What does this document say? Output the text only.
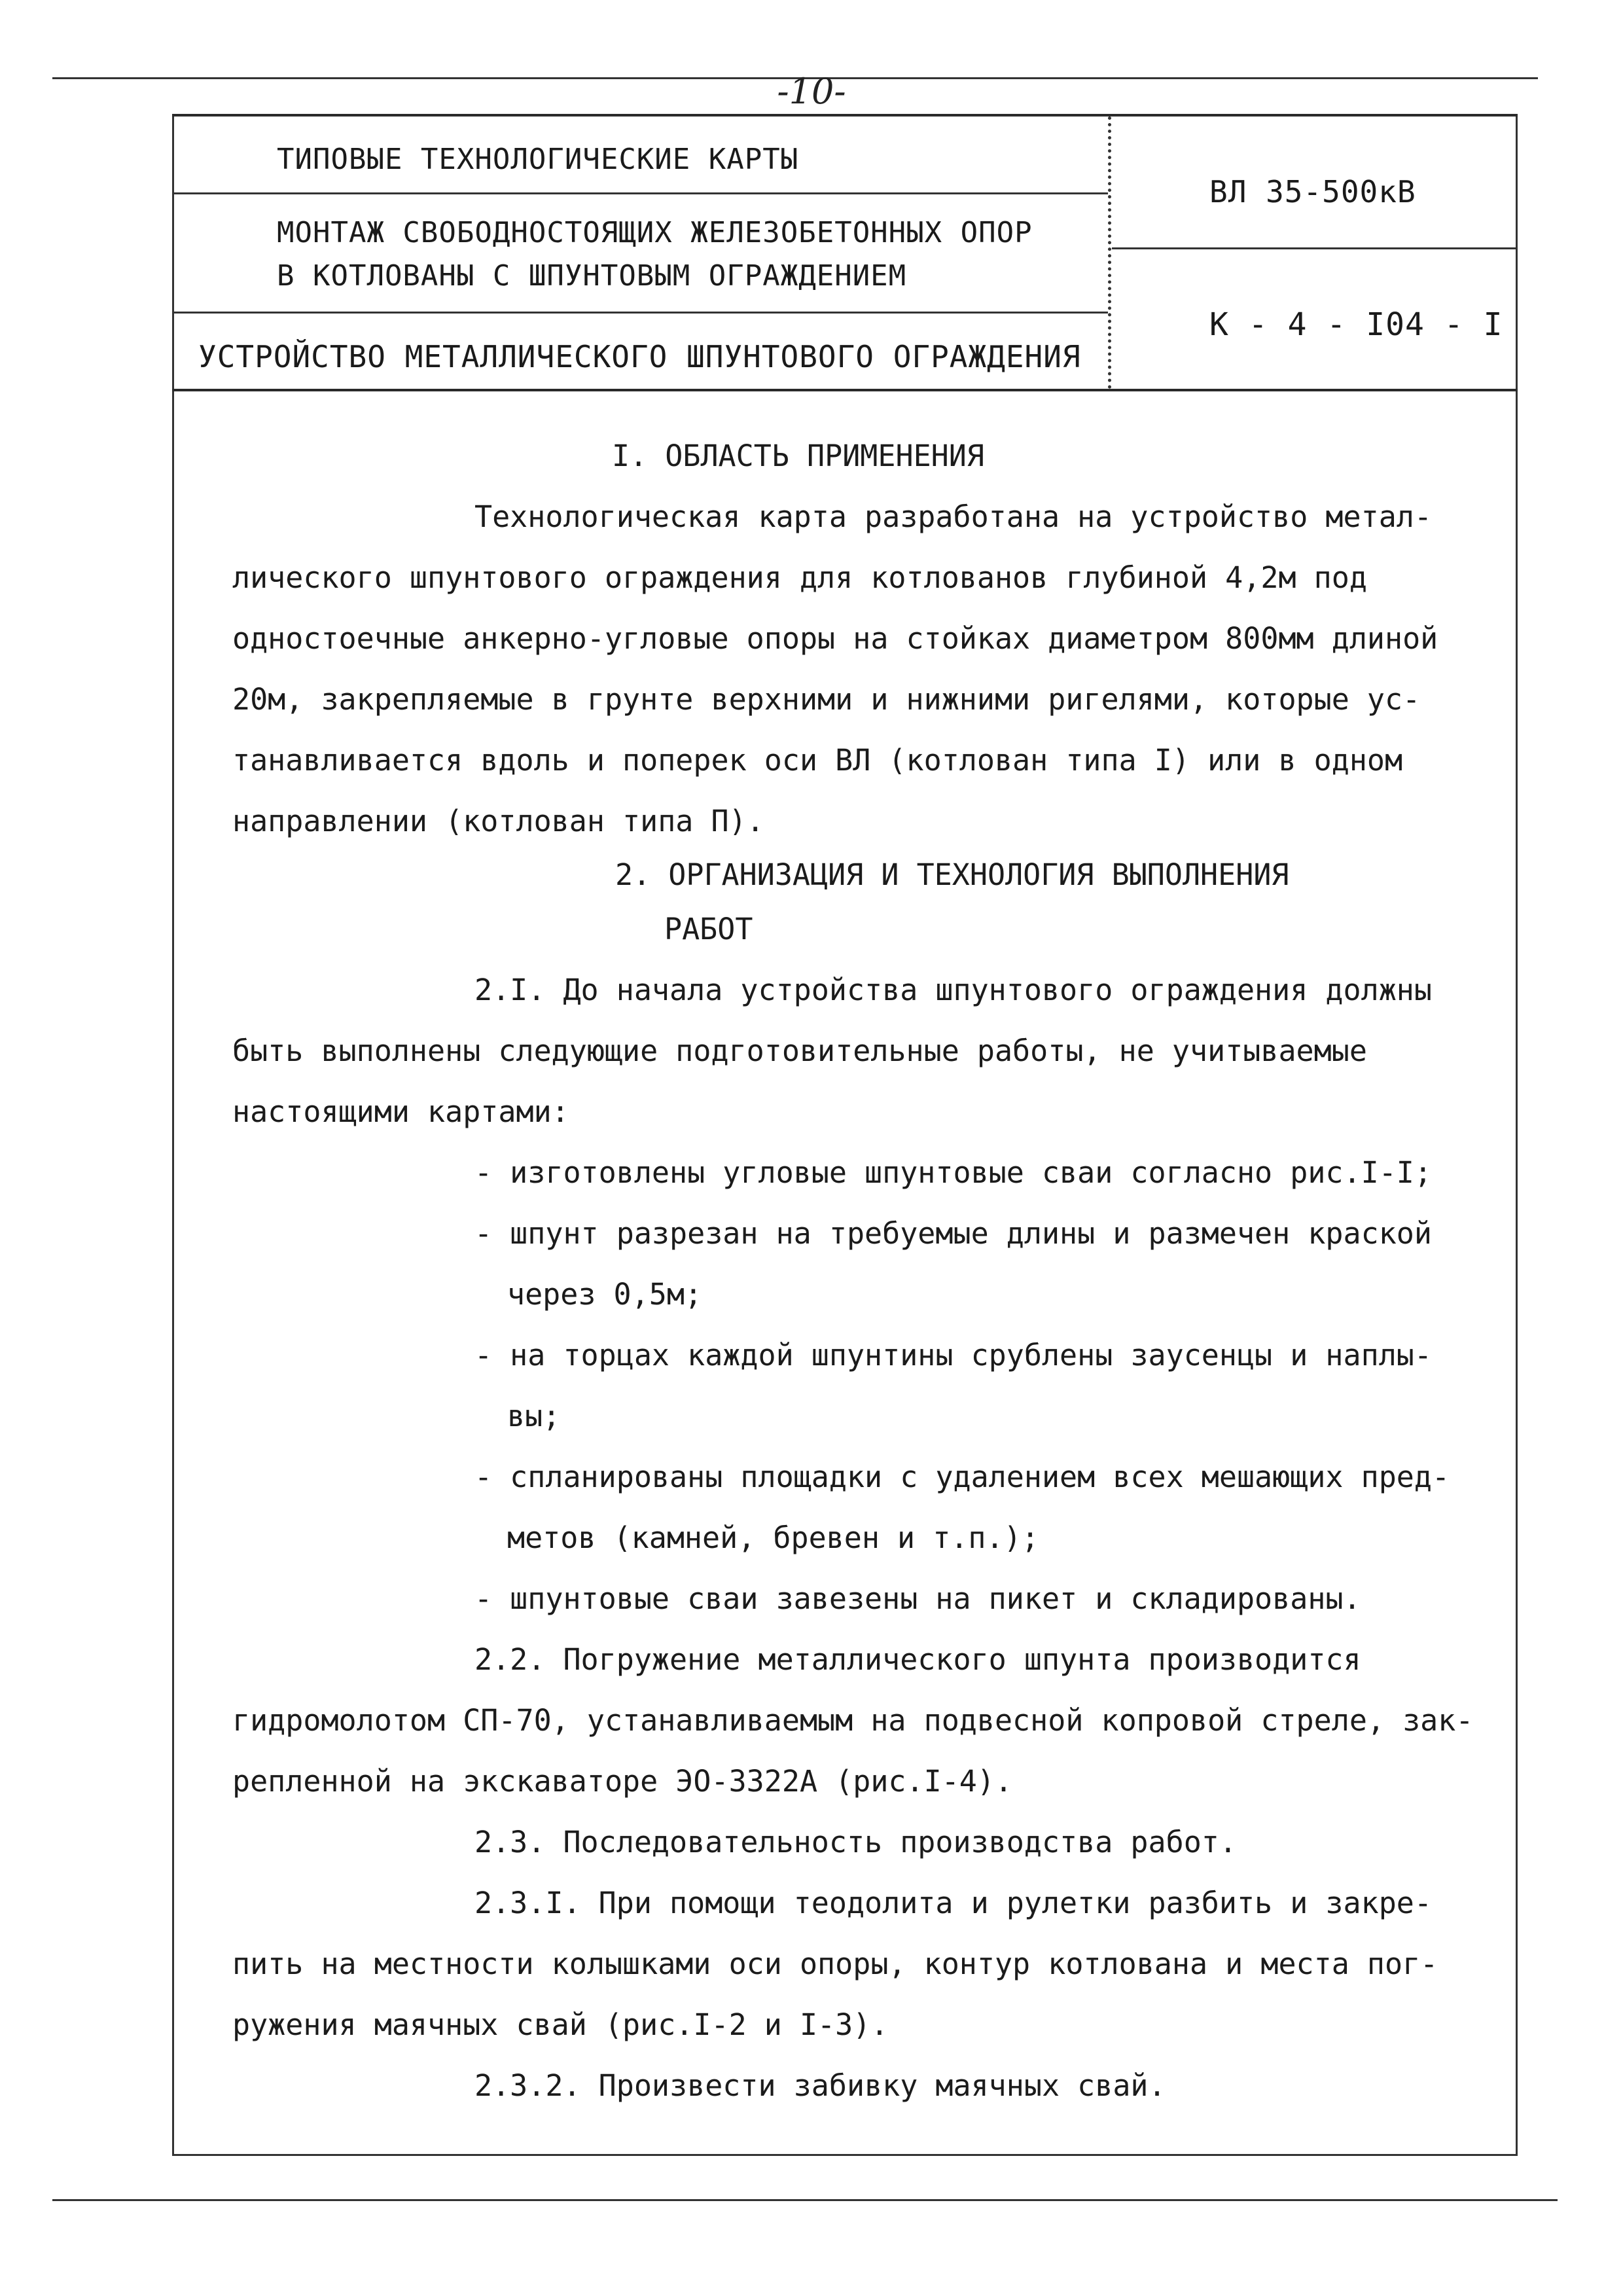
-10-
ТИПОВЫЕ ТЕХНОЛОГИЧЕСКИЕ КАРТЫ
МОНТАЖ СВОБОДНОСТОЯЩИХ ЖЕЛЕЗОБЕТОННЫХ ОПОР
В КОТЛОВАНЫ С ШПУНТОВЫМ ОГРАЖДЕНИЕМ
УСТРОЙСТВО МЕТАЛЛИЧЕСКОГО ШПУНТОВОГО ОГРАЖДЕНИЯ
ВЛ 35-500кВ
К - 4 - I04 - I
I. ОБЛАСТЬ ПРИМЕНЕНИЯ
Технологическая карта разработана на устройство метал-
лического шпунтового ограждения для котлованов глубиной 4,2м под
одностоечные анкерно-угловые опоры на стойках диаметром 800мм длиной
20м, закрепляемые в грунте верхними и нижними ригелями, которые ус-
танавливается вдоль и поперек оси ВЛ (котлован типа I) или в одном
направлении (котлован типа П).
2. ОРГАНИЗАЦИЯ И ТЕХНОЛОГИЯ ВЫПОЛНЕНИЯ
РАБОТ
2.I. До начала устройства шпунтового ограждения должны
быть выполнены следующие подготовительные работы, не учитываемые
настоящими картами:
- изготовлены угловые шпунтовые сваи согласно рис.I-I;
- шпунт разрезан на требуемые длины и размечен краской
через 0,5м;
- на торцах каждой шпунтины срублены заусенцы и наплы-
вы;
- спланированы площадки с удалением всех мешающих пред-
метов (камней, бревен и т.п.);
- шпунтовые сваи завезены на пикет и складированы.
2.2. Погружение металлического шпунта производится
гидромолотом СП-70, устанавливаемым на подвесной копровой стреле, зак-
репленной на экскаваторе ЭО-3322А (рис.I-4).
2.3. Последовательность производства работ.
2.3.I. При помощи теодолита и рулетки разбить и закре-
пить на местности колышками оси опоры, контур котлована и места пог-
ружения маячных свай (рис.I-2 и I-3).
2.3.2. Произвести забивку маячных свай.
